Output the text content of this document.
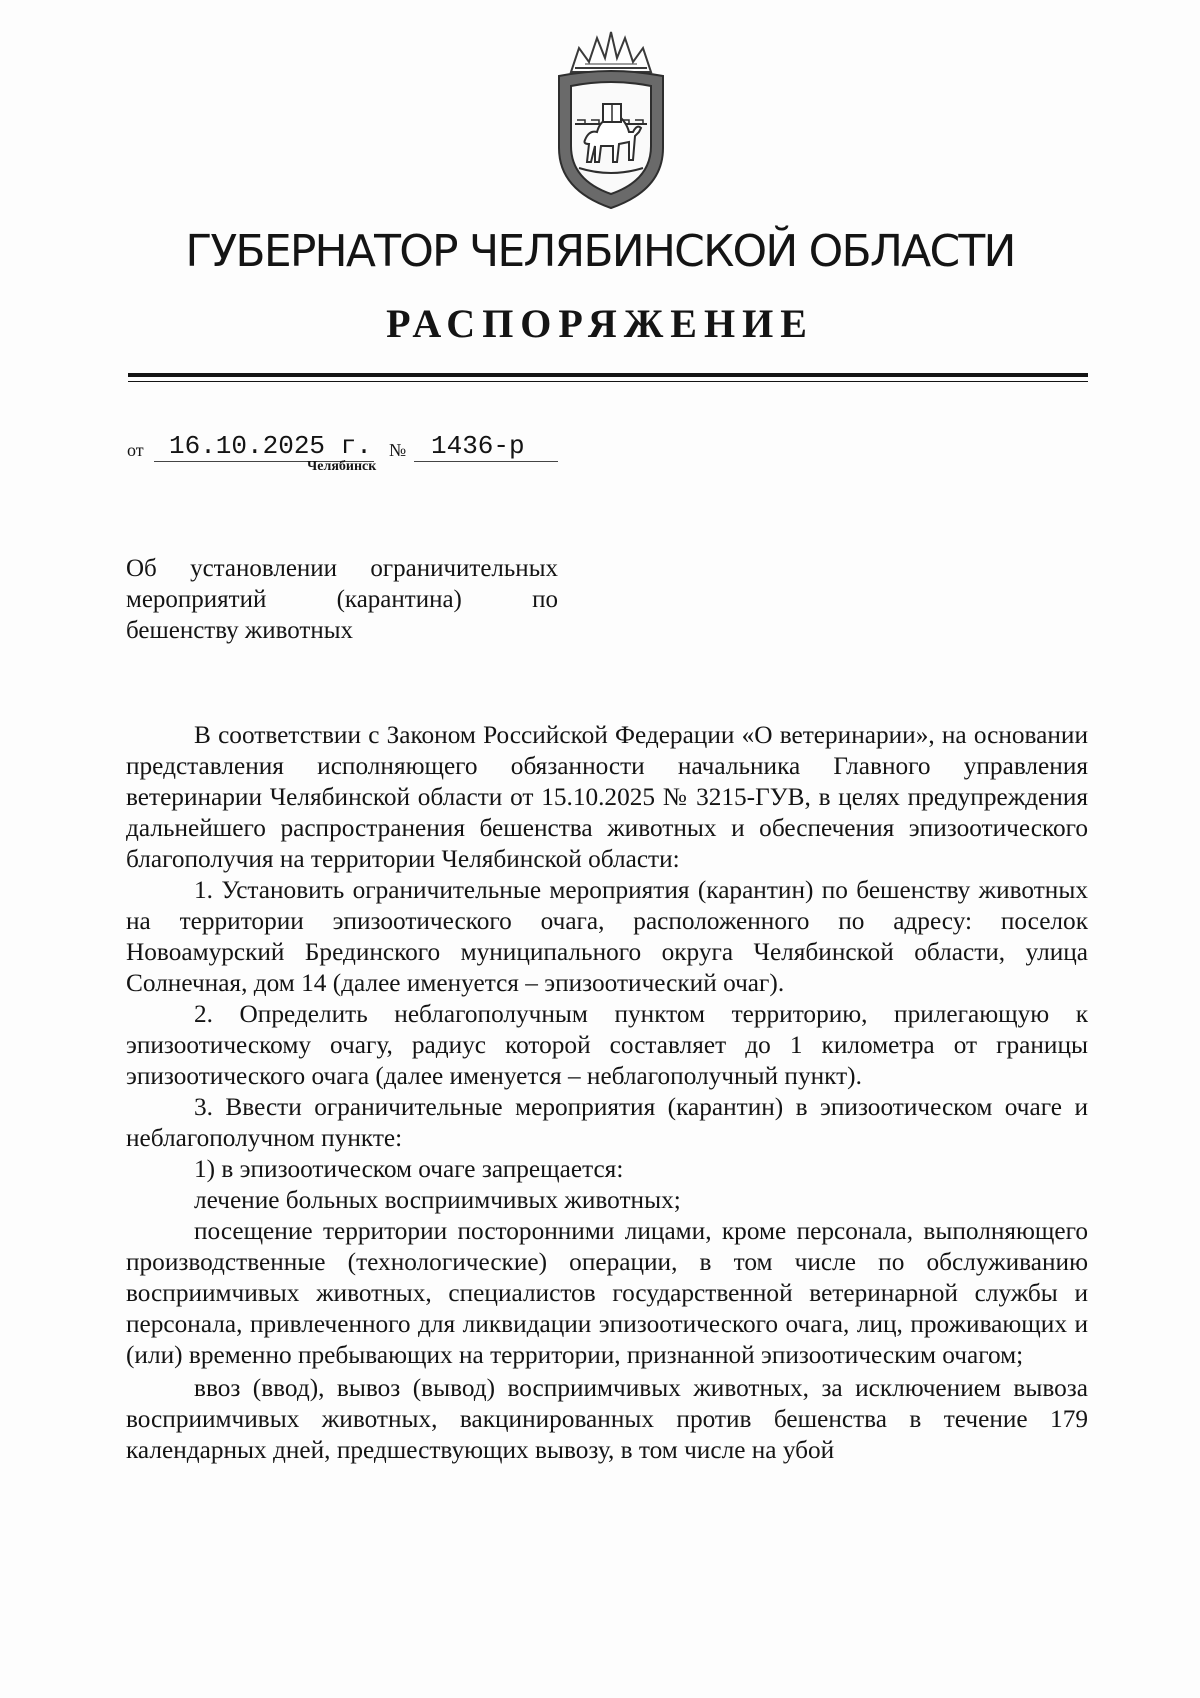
ГУБЕРНАТОР ЧЕЛЯБИНСКОЙ ОБЛАСТИ
РАСПОРЯЖЕНИЕ
от 16.10.2025 г. № 1436-р
Челябинск
Об установлении ограничительных
мероприятий (карантина) по
бешенству животных

В соответствии с Законом Российской Федерации «О ветеринарии», на основании представления исполняющего обязанности начальника Главного управления ветеринарии Челябинской области от 15.10.2025 № 3215-ГУВ, в целях предупреждения дальнейшего распространения бешенства животных и обеспечения эпизоотического благополучия на территории Челябинской области:

1. Установить ограничительные мероприятия (карантин) по бешенству животных на территории эпизоотического очага, расположенного по адресу: поселок Новоамурский Брединского муниципального округа Челябинской области, улица Солнечная, дом 14 (далее именуется – эпизоотический очаг).

2. Определить неблагополучным пунктом территорию, прилегающую к эпизоотическому очагу, радиус которой составляет до 1 километра от границы эпизоотического очага (далее именуется – неблагополучный пункт).

3. Ввести ограничительные мероприятия (карантин) в эпизоотическом очаге и неблагополучном пункте:

1) в эпизоотическом очаге запрещается:

лечение больных восприимчивых животных;

посещение территории посторонними лицами, кроме персонала, выполняющего производственные (технологические) операции, в том числе по обслуживанию восприимчивых животных, специалистов государственной ветеринарной службы и персонала, привлеченного для ликвидации эпизоотического очага, лиц, проживающих и (или) временно пребывающих на территории, признанной эпизоотическим очагом;

ввоз (ввод), вывоз (вывод) восприимчивых животных, за исключением вывоза восприимчивых животных, вакцинированных против бешенства в течение 179 календарных дней, предшествующих вывозу, в том числе на убой
